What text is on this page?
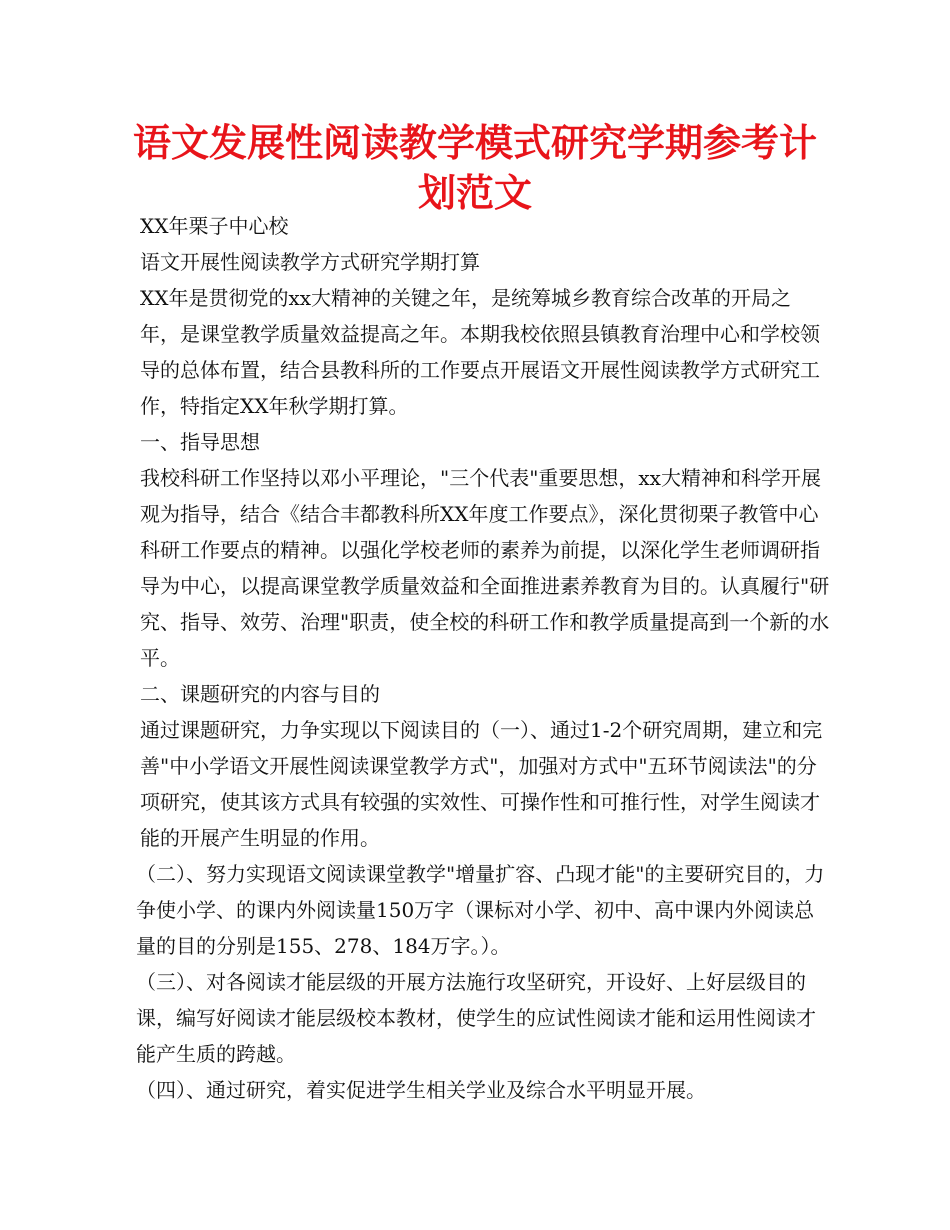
语文发展性阅读教学模式研究学期参考计划范文

XX年栗子中心校

语文开展性阅读教学方式研究学期打算

XX年是贯彻党的xx大精神的关键之年，是统筹城乡教育综合改革的开局之年，是课堂教学质量效益提高之年。本期我校依照县镇教育治理中心和学校领导的总体布置，结合县教科所的工作要点开展语文开展性阅读教学方式研究工作，特指定XX年秋学期打算。

一、指导思想

我校科研工作坚持以邓小平理论，"三个代表"重要思想，xx大精神和科学开展观为指导，结合《结合丰都教科所XX年度工作要点》，深化贯彻栗子教管中心科研工作要点的精神。以强化学校老师的素养为前提，以深化学生老师调研指导为中心，以提高课堂教学质量效益和全面推进素养教育为目的。认真履行"研究、指导、效劳、治理"职责，使全校的科研工作和教学质量提高到一个新的水平。

二、课题研究的内容与目的

通过课题研究，力争实现以下阅读目的（一）、通过1-2个研究周期，建立和完善"中小学语文开展性阅读课堂教学方式"，加强对方式中"五环节阅读法"的分项研究，使其该方式具有较强的实效性、可操作性和可推行性，对学生阅读才能的开展产生明显的作用。

（二）、努力实现语文阅读课堂教学"增量扩容、凸现才能"的主要研究目的，力争使小学、的课内外阅读量150万字（课标对小学、初中、高中课内外阅读总量的目的分别是155、278、184万字。）。

（三）、对各阅读才能层级的开展方法施行攻坚研究，开设好、上好层级目的课，编写好阅读才能层级校本教材，使学生的应试性阅读才能和运用性阅读才能产生质的跨越。

（四）、通过研究，着实促进学生相关学业及综合水平明显开展。
